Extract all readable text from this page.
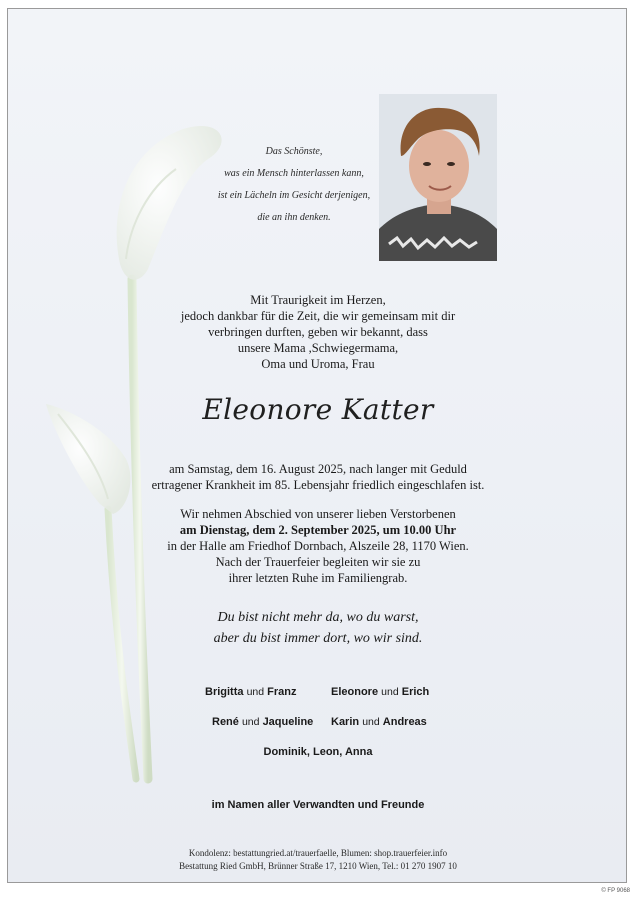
Das Schönste,
was ein Mensch hinterlassen kann,
ist ein Lächeln im Gesicht derjenigen,
die an ihn denken.
Mit Traurigkeit im Herzen,
jedoch dankbar für die Zeit, die wir gemeinsam mit dir
verbringen durften, geben wir bekannt, dass
unsere Mama ,Schwiegermama,
Oma und Uroma, Frau
Eleonore Katter
am Samstag, dem 16. August 2025, nach langer mit Geduld
ertragener Krankheit im 85. Lebensjahr friedlich eingeschlafen ist.
Wir nehmen Abschied von unserer lieben Verstorbenen
am Dienstag, dem 2. September 2025, um 10.00 Uhr
in der Halle am Friedhof Dornbach, Alszeile 28, 1170 Wien.
Nach der Trauerfeier begleiten wir sie zu
ihrer letzten Ruhe im Familiengrab.
Du bist nicht mehr da, wo du warst,
aber du bist immer dort, wo wir sind.
Brigitta und Franz	Eleonore und Erich
René und Jaqueline Karin und Andreas
Dominik, Leon, Anna
im Namen aller Verwandten und Freunde
Kondolenz: bestattungried.at/trauerfaelle, Blumen: shop.trauerfeier.info
Bestattung Ried GmbH, Brünner Straße 17, 1210 Wien, Tel.: 01 270 1907 10
© FP 9068
